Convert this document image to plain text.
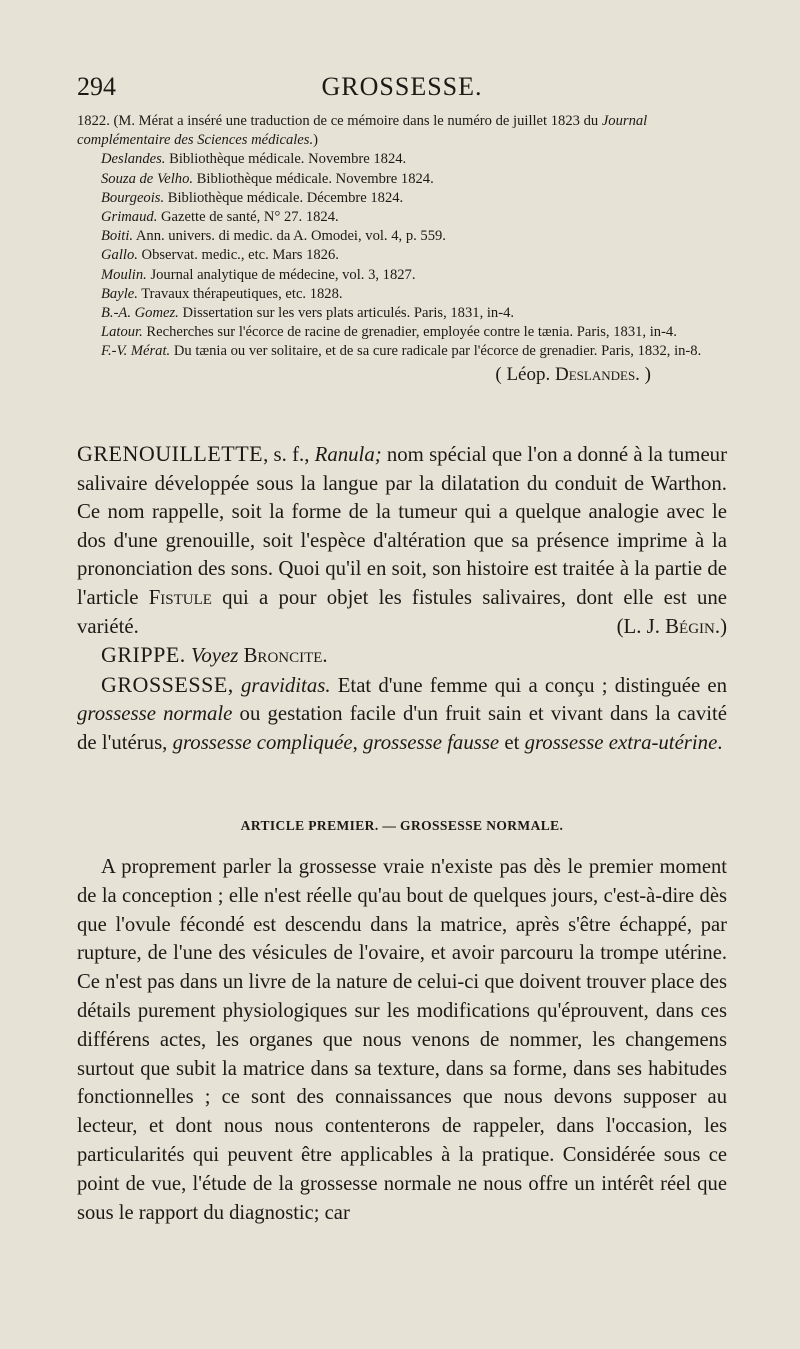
294	GROSSESSE.

1822. (M. Mérat a inséré une traduction de ce mémoire dans le numéro de juillet 1823 du Journal complémentaire des Sciences médicales.)

Deslandes. Bibliothèque médicale. Novembre 1824.

Souza de Velho. Bibliothèque médicale. Novembre 1824.

Bourgeois. Bibliothèque médicale. Décembre 1824.

Grimaud. Gazette de santé, N° 27. 1824.

Boiti. Ann. univers. di medic. da A. Omodei, vol. 4, p. 559.

Gallo. Observat. medic., etc. Mars 1826.

Moulin. Journal analytique de médecine, vol. 3, 1827.

Bayle. Travaux thérapeutiques, etc. 1828.

B.-A. Gomez. Dissertation sur les vers plats articulés. Paris, 1831, in-4.

Latour. Recherches sur l'écorce de racine de grenadier, employée contre le tænia. Paris, 1831, in-4.

F.-V. Mérat. Du tænia ou ver solitaire, et de sa cure radicale par l'écorce de grenadier. Paris, 1832, in-8.

( Léop. Deslandes. )

GRENOUILLETTE, s. f., Ranula; nom spécial que l'on a donné à la tumeur salivaire développée sous la langue par la dilatation du conduit de Warthon. Ce nom rappelle, soit la forme de la tumeur qui a quelque analogie avec le dos d'une grenouille, soit l'espèce d'altération que sa présence imprime à la prononciation des sons. Quoi qu'il en soit, son histoire est traitée à la partie de l'article Fistule qui a pour objet les fistules salivaires, dont elle est une variété.	(L. J. Bégin.)

GRIPPE. Voyez Broncite.

GROSSESSE, graviditas. Etat d'une femme qui a conçu ; distinguée en grossesse normale ou gestation facile d'un fruit sain et vivant dans la cavité de l'utérus, grossesse compliquée, grossesse fausse et grossesse extra-utérine.

ARTICLE PREMIER. — GROSSESSE NORMALE.

A proprement parler la grossesse vraie n'existe pas dès le premier moment de la conception ; elle n'est réelle qu'au bout de quelques jours, c'est-à-dire dès que l'ovule fécondé est descendu dans la matrice, après s'être échappé, par rupture, de l'une des vésicules de l'ovaire, et avoir parcouru la trompe utérine. Ce n'est pas dans un livre de la nature de celui-ci que doivent trouver place des détails purement physiologiques sur les modifications qu'éprouvent, dans ces différens actes, les organes que nous venons de nommer, les changemens surtout que subit la matrice dans sa texture, dans sa forme, dans ses habitudes fonctionnelles ; ce sont des connaissances que nous devons supposer au lecteur, et dont nous nous contenterons de rappeler, dans l'occasion, les particularités qui peuvent être applicables à la pratique. Considérée sous ce point de vue, l'étude de la grossesse normale ne nous offre un intérêt réel que sous le rapport du diagnostic; car
